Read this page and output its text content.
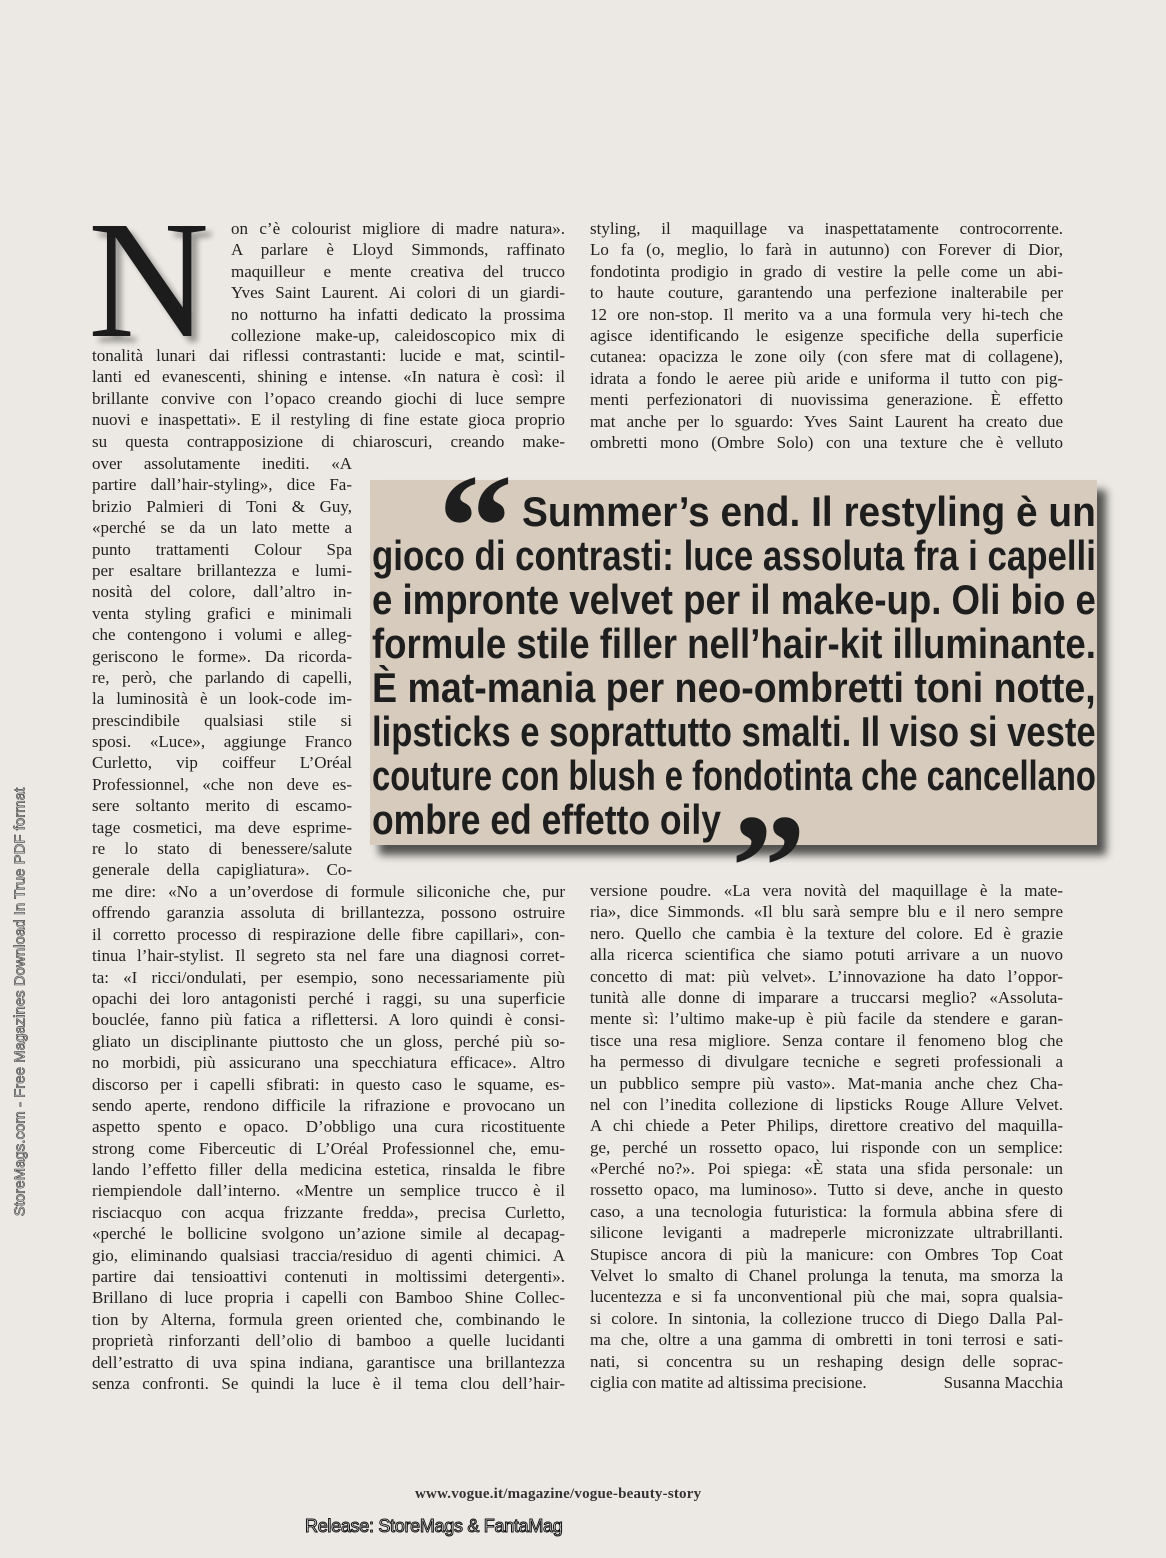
N on c’è colourist migliore di madre natura».
A parlare è Lloyd Simmonds, raffinato
maquilleur e mente creativa del trucco
Yves Saint Laurent. Ai colori di un giardi-
no notturno ha infatti dedicato la prossima
collezione make-up, caleidoscopico mix di
tonalità lunari dai riflessi contrastanti: lucide e mat, scintil-
lanti ed evanescenti, shining e intense. «In natura è così: il
brillante convive con l’opaco creando giochi di luce sempre
nuovi e inaspettati». E il restyling di fine estate gioca proprio
su questa contrapposizione di chiaroscuri, creando make-
over assolutamente inediti. «A
partire dall’hair-styling», dice Fa-
brizio Palmieri di Toni & Guy,
«perché se da un lato mette a
punto trattamenti Colour Spa
per esaltare brillantezza e lumi-
nosità del colore, dall’altro in-
venta styling grafici e minimali
che contengono i volumi e alleg-
geriscono le forme». Da ricorda-
re, però, che parlando di capelli,
la luminosità è un look-code im-
prescindibile qualsiasi stile si
sposi. «Luce», aggiunge Franco
Curletto, vip coiffeur L’Oréal
Professionnel, «che non deve es-
sere soltanto merito di escamo-
tage cosmetici, ma deve esprime-
re lo stato di benessere/salute
generale della capigliatura». Co-
me dire: «No a un’overdose di formule siliconiche che, pur
offrendo garanzia assoluta di brillantezza, possono ostruire
il corretto processo di respirazione delle fibre capillari», con-
tinua l’hair-stylist. Il segreto sta nel fare una diagnosi corret-
ta: «I ricci/ondulati, per esempio, sono necessariamente più
opachi dei loro antagonisti perché i raggi, su una superficie
bouclée, fanno più fatica a riflettersi. A loro quindi è consi-
gliato un disciplinante piuttosto che un gloss, perché più so-
no morbidi, più assicurano una specchiatura efficace». Altro
discorso per i capelli sfibrati: in questo caso le squame, es-
sendo aperte, rendono difficile la rifrazione e provocano un
aspetto spento e opaco. D’obbligo una cura ricostituente
strong come Fiberceutic di L’Oréal Professionnel che, emu-
lando l’effetto filler della medicina estetica, rinsalda le fibre
riempiendole dall’interno. «Mentre un semplice trucco è il
risciacquo con acqua frizzante fredda», precisa Curletto,
«perché le bollicine svolgono un’azione simile al decapag-
gio, eliminando qualsiasi traccia/residuo di agenti chimici. A
partire dai tensioattivi contenuti in moltissimi detergenti».
Brillano di luce propria i capelli con Bamboo Shine Collec-
tion by Alterna, formula green oriented che, combinando le
proprietà rinforzanti dell’olio di bamboo a quelle lucidanti
dell’estratto di uva spina indiana, garantisce una brillantezza
senza confronti. Se quindi la luce è il tema clou dell’hair-
styling, il maquillage va inaspettatamente controcorrente.
Lo fa (o, meglio, lo farà in autunno) con Forever di Dior,
fondotinta prodigio in grado di vestire la pelle come un abi-
to haute couture, garantendo una perfezione inalterabile per
12 ore non-stop. Il merito va a una formula very hi-tech che
agisce identificando le esigenze specifiche della superficie
cutanea: opacizza le zone oily (con sfere mat di collagene),
idrata a fondo le aeree più aride e uniforma il tutto con pig-
menti perfezionatori di nuovissima generazione. È effetto
mat anche per lo sguardo: Yves Saint Laurent ha creato due
ombretti mono (Ombre Solo) con una texture che è velluto
versione poudre. «La vera novità del maquillage è la mate-
ria», dice Simmonds. «Il blu sarà sempre blu e il nero sempre
nero. Quello che cambia è la texture del colore. Ed è grazie
alla ricerca scientifica che siamo potuti arrivare a un nuovo
concetto di mat: più velvet». L’innovazione ha dato l’oppor-
tunità alle donne di imparare a truccarsi meglio? «Assoluta-
mente sì: l’ultimo make-up è più facile da stendere e garan-
tisce una resa migliore. Senza contare il fenomeno blog che
ha permesso di divulgare tecniche e segreti professionali a
un pubblico sempre più vasto». Mat-mania anche chez Cha-
nel con l’inedita collezione di lipsticks Rouge Allure Velvet.
A chi chiede a Peter Philips, direttore creativo del maquilla-
ge, perché un rossetto opaco, lui risponde con un semplice:
«Perché no?». Poi spiega: «È stata una sfida personale: un
rossetto opaco, ma luminoso». Tutto si deve, anche in questo
caso, a una tecnologia futuristica: la formula abbina sfere di
silicone leviganti a madreperle micronizzate ultrabrillanti.
Stupisce ancora di più la manicure: con Ombres Top Coat
Velvet lo smalto di Chanel prolunga la tenuta, ma smorza la
lucentezza e si fa unconventional più che mai, sopra qualsia-
si colore. In sintonia, la collezione trucco di Diego Dalla Pal-
ma che, oltre a una gamma di ombretti in toni terrosi e sati-
nati, si concentra su un reshaping design delle soprac-
ciglia con matite ad altissima precisione.	Susanna Macchia
“ Summer’s end. Il restyling è un
gioco di contrasti: luce assoluta fra i capelli
e impronte velvet per il make-up. Oli bio e
formule stile filler nell’hair-kit illuminante.
È mat-mania per neo-ombretti toni notte,
lipsticks e soprattutto smalti. Il viso si veste
couture con blush e fondotinta che cancellano
ombre ed effetto oily ”
www.vogue.it/magazine/vogue-beauty-story
Release: StoreMags & FantaMag
StoreMags.com - Free Magazines Download In True PDF format
